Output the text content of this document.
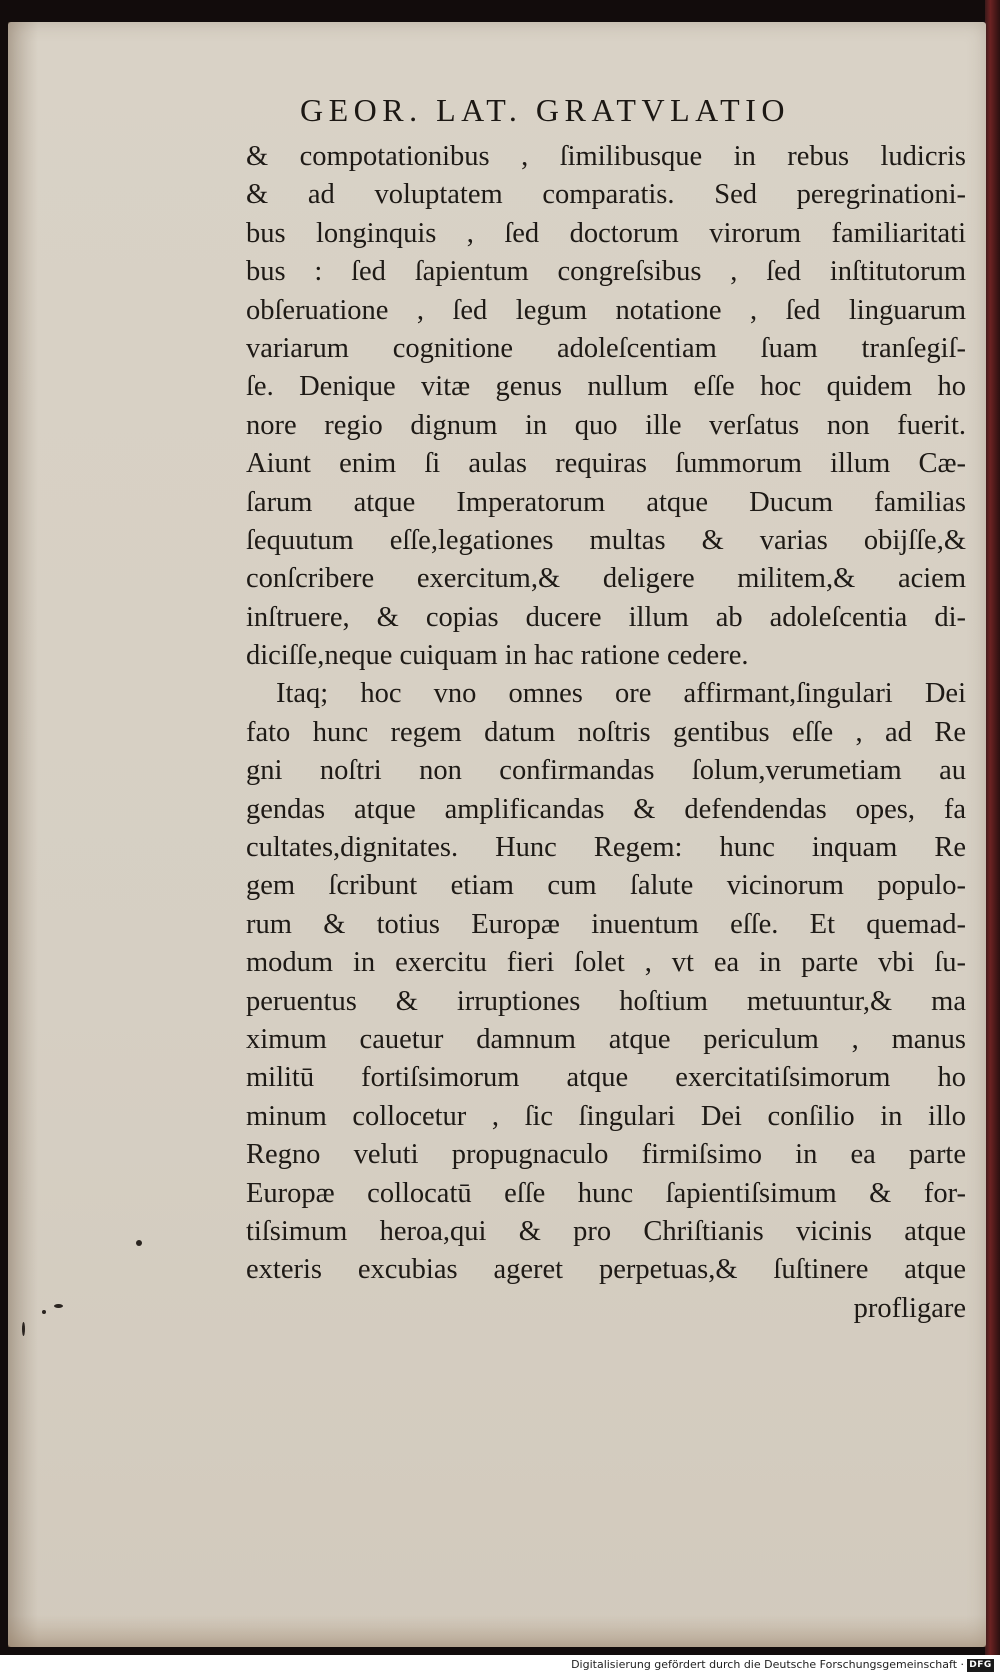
GEOR. LAT. GRATVLATIO
& compotationibus , ſimilibusque in rebus ludicris
& ad voluptatem comparatis. Sed peregrinationi-
bus longinquis , ſed doctorum virorum familiaritati
bus : ſed ſapientum congreſsibus , ſed inſtitutorum
obſeruatione , ſed legum notatione , ſed linguarum
variarum cognitione adoleſcentiam ſuam tranſegiſ-
ſe. Denique vitæ genus nullum eſſe hoc quidem ho
nore regio dignum in quo ille verſatus non fuerit.
Aiunt enim ſi aulas requiras ſummorum illum Cæ-
ſarum atque Imperatorum atque Ducum familias
ſequutum eſſe,legationes multas & varias obijſſe,&
conſcribere exercitum,& deligere militem,& aciem
inſtruere, & copias ducere illum ab adoleſcentia di-
diciſſe,neque cuiquam in hac ratione cedere.
Itaq; hoc vno omnes ore affirmant,ſingulari Dei
fato hunc regem datum noſtris gentibus eſſe , ad Re
gni noſtri non confirmandas ſolum,verumetiam au
gendas atque amplificandas & defendendas opes, fa
cultates,dignitates. Hunc Regem: hunc inquam Re
gem ſcribunt etiam cum ſalute vicinorum populo-
rum & totius Europæ inuentum eſſe. Et quemad-
modum in exercitu fieri ſolet , vt ea in parte vbi ſu-
peruentus & irruptiones hoſtium metuuntur,& ma
ximum cauetur damnum atque periculum , manus
militū fortiſsimorum atque exercitatiſsimorum ho
minum collocetur , ſic ſingulari Dei conſilio in illo
Regno veluti propugnaculo firmiſsimo in ea parte
Europæ collocatū eſſe hunc ſapientiſsimum & for-
tiſsimum heroa,qui & pro Chriſtianis vicinis atque
exteris excubias ageret perpetuas,& ſuſtinere atque
profligare
Digitalisierung gefördert durch die Deutsche Forschungsgemeinschaft · DFG
